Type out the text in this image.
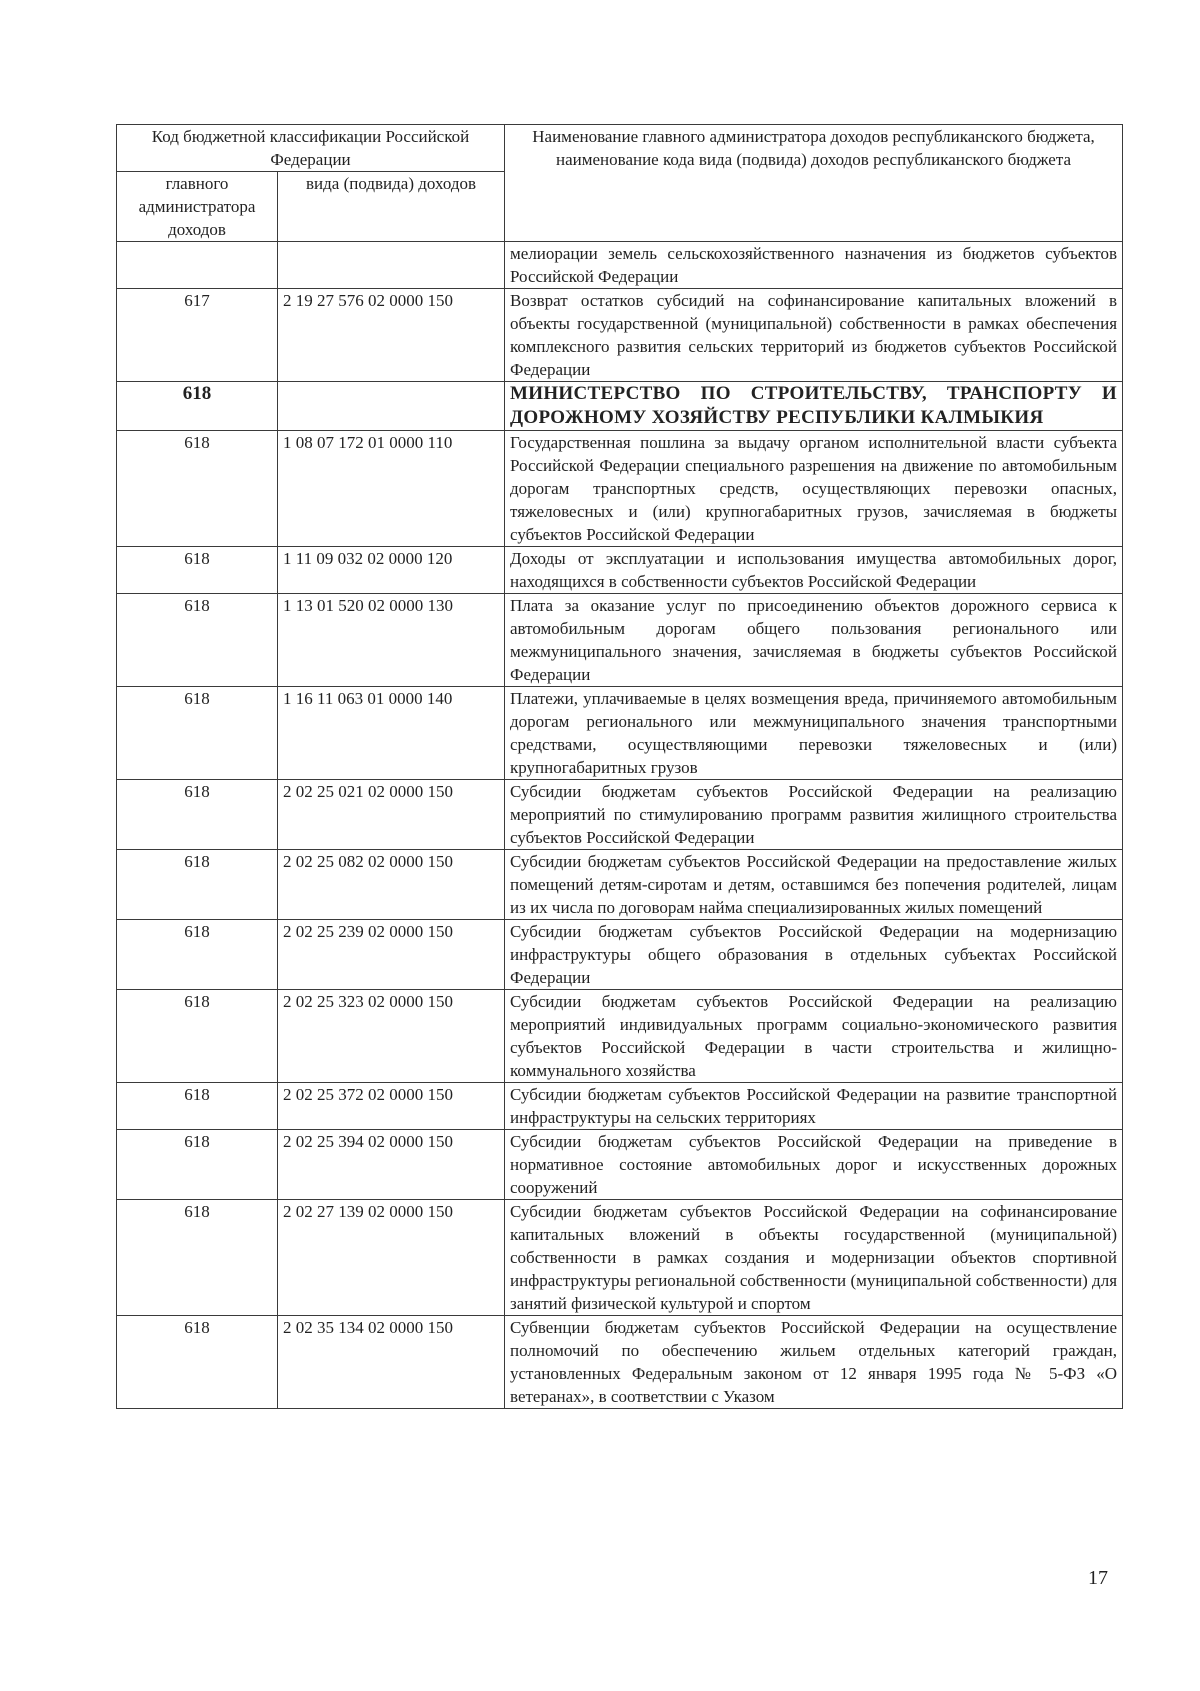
Код бюджетной классификации Российской Федерации		Наименование главного администратора доходов республиканского бюджета, наименование кода вида (подвида) доходов республиканского бюджета
главного администратора доходов	вида (подвида) доходов	
		мелиорации земель сельскохозяйственного назначения из бюджетов субъектов Российской Федерации
617	2 19 27 576 02 0000 150	Возврат остатков субсидий на софинансирование капитальных вложений в объекты государственной (муниципальной) собственности в рамках обеспечения комплексного развития сельских территорий из бюджетов субъектов Российской Федерации
618		МИНИСТЕРСТВО ПО СТРОИТЕЛЬСТВУ, ТРАНСПОРТУ И ДОРОЖНОМУ ХОЗЯЙСТВУ РЕСПУБЛИКИ КАЛМЫКИЯ
618	1 08 07 172 01 0000 110	Государственная пошлина за выдачу органом исполнительной власти субъекта Российской Федерации специального разрешения на движение по автомобильным дорогам транспортных средств, осуществляющих перевозки опасных, тяжеловесных и (или) крупногабаритных грузов, зачисляемая в бюджеты субъектов Российской Федерации
618	1 11 09 032 02 0000 120	Доходы от эксплуатации и использования имущества автомобильных дорог, находящихся в собственности субъектов Российской Федерации
618	1 13 01 520 02 0000 130	Плата за оказание услуг по присоединению объектов дорожного сервиса к автомобильным дорогам общего пользования регионального или межмуниципального значения, зачисляемая в бюджеты субъектов Российской Федерации
618	1 16 11 063 01 0000 140	Платежи, уплачиваемые в целях возмещения вреда, причиняемого автомобильным дорогам регионального или межмуниципального значения транспортными средствами, осуществляющими перевозки тяжеловесных и (или) крупногабаритных грузов
618	2 02 25 021 02 0000 150	Субсидии бюджетам субъектов Российской Федерации на реализацию мероприятий по стимулированию программ развития жилищного строительства субъектов Российской Федерации
618	2 02 25 082 02 0000 150	Субсидии бюджетам субъектов Российской Федерации на предоставление жилых помещений детям-сиротам и детям, оставшимся без попечения родителей, лицам из их числа по договорам найма специализированных жилых помещений
618	2 02 25 239 02 0000 150	Субсидии бюджетам субъектов Российской Федерации на модернизацию инфраструктуры общего образования в отдельных субъектах Российской Федерации
618	2 02 25 323 02 0000 150	Субсидии бюджетам субъектов Российской Федерации на реализацию мероприятий индивидуальных программ социально-экономического развития субъектов Российской Федерации в части строительства и жилищно-коммунального хозяйства
618	2 02 25 372 02 0000 150	Субсидии бюджетам субъектов Российской Федерации на развитие транспортной инфраструктуры на сельских территориях
618	2 02 25 394 02 0000 150	Субсидии бюджетам субъектов Российской Федерации на приведение в нормативное состояние автомобильных дорог и искусственных дорожных сооружений
618	2 02 27 139 02 0000 150	Субсидии бюджетам субъектов Российской Федерации на софинансирование капитальных вложений в объекты государственной (муниципальной) собственности в рамках создания и модернизации объектов спортивной инфраструктуры региональной собственности (муниципальной собственности) для занятий физической культурой и спортом
618	2 02 35 134 02 0000 150	Субвенции бюджетам субъектов Российской Федерации на осуществление полномочий по обеспечению жильем отдельных категорий граждан, установленных Федеральным законом от 12 января 1995 года № 5-ФЗ «О ветеранах», в соответствии с Указом
17
